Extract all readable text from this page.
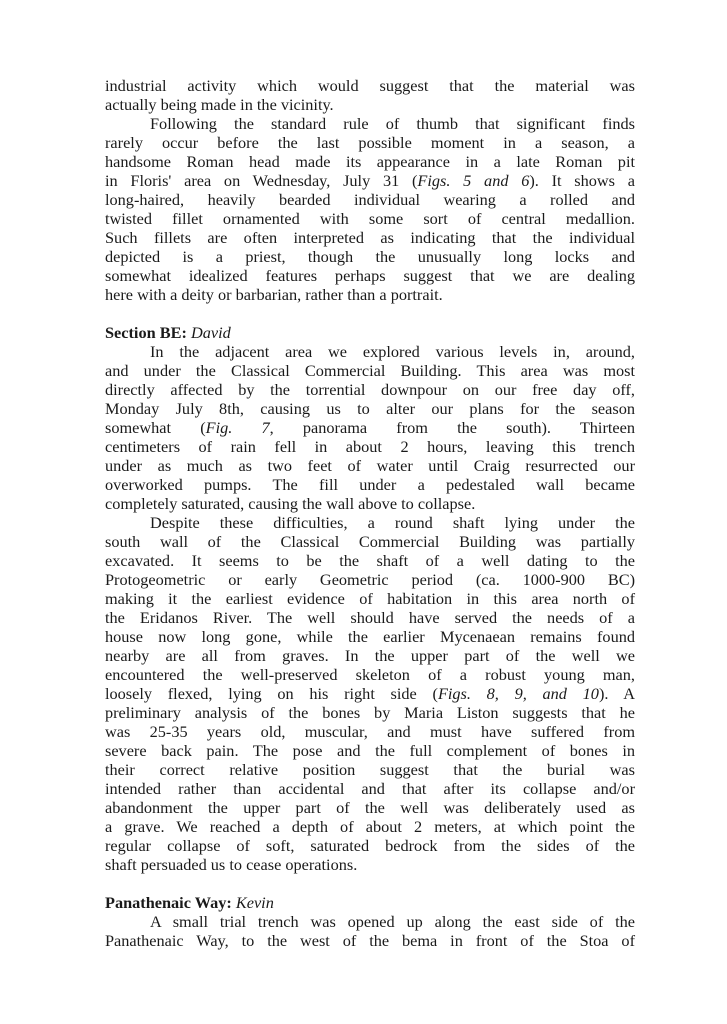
industrial activity which would suggest that the material was
actually being made in the vicinity.
Following the standard rule of thumb that significant finds
rarely occur before the last possible moment in a season, a
handsome Roman head made its appearance in a late Roman pit
in Floris' area on Wednesday, July 31 (Figs. 5 and 6). It shows a
long-haired, heavily bearded individual wearing a rolled and
twisted fillet ornamented with some sort of central medallion.
Such fillets are often interpreted as indicating that the individual
depicted is a priest, though the unusually long locks and
somewhat idealized features perhaps suggest that we are dealing
here with a deity or barbarian, rather than a portrait.
Section BE: David
In the adjacent area we explored various levels in, around,
and under the Classical Commercial Building. This area was most
directly affected by the torrential downpour on our free day off,
Monday July 8th, causing us to alter our plans for the season
somewhat (Fig. 7, panorama from the south). Thirteen
centimeters of rain fell in about 2 hours, leaving this trench
under as much as two feet of water until Craig resurrected our
overworked pumps. The fill under a pedestaled wall became
completely saturated, causing the wall above to collapse.
Despite these difficulties, a round shaft lying under the
south wall of the Classical Commercial Building was partially
excavated. It seems to be the shaft of a well dating to the
Protogeometric or early Geometric period (ca. 1000-900 BC)
making it the earliest evidence of habitation in this area north of
the Eridanos River. The well should have served the needs of a
house now long gone, while the earlier Mycenaean remains found
nearby are all from graves. In the upper part of the well we
encountered the well-preserved skeleton of a robust young man,
loosely flexed, lying on his right side (Figs. 8, 9, and 10). A
preliminary analysis of the bones by Maria Liston suggests that he
was 25-35 years old, muscular, and must have suffered from
severe back pain. The pose and the full complement of bones in
their correct relative position suggest that the burial was
intended rather than accidental and that after its collapse and/or
abandonment the upper part of the well was deliberately used as
a grave. We reached a depth of about 2 meters, at which point the
regular collapse of soft, saturated bedrock from the sides of the
shaft persuaded us to cease operations.
Panathenaic Way: Kevin
A small trial trench was opened up along the east side of the
Panathenaic Way, to the west of the bema in front of the Stoa of
